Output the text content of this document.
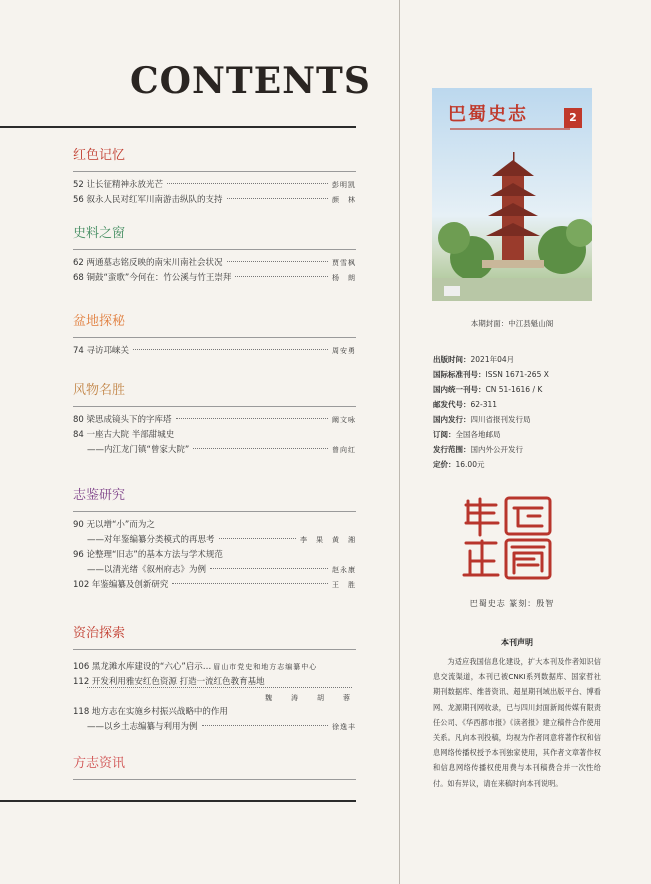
CONTENTS
红色记忆
52 让长征精神永放光芒	彭明凯
56 叙永人民对红军川南游击纵队的支持	颜　林
史料之窗
62 两通墓志铭反映的南宋川南社会状况	贾雪枫
68 铜鼓“蛮歌”今何在：竹公溪与竹王崇拜	杨　朗
盆地探秘
74 寻访邛崃关	周安勇
风物名胜
80 梁思成镜头下的字库塔	阚文咏
84 一座古大院 半部甜城史
——内江龙门镇“曾家大院”	曾向红
志鉴研究
90 无以增“小”而为之
——对年鉴编纂分类模式的再思考	李　果　黄　湘
96 论整理“旧志”的基本方法与学术规范
——以清光绪《叙州府志》为例	赵永康
102 年鉴编纂及创新研究	王　胜
资治探索
106 黑龙滩水库建设的“六心”启示… 眉山市党史和地方志编纂中心
112 开发利用雅安红色资源 打造一流红色教育基地
魏　涛　胡　蓉
118 地方志在实施乡村振兴战略中的作用
——以乡土志编纂与利用为例	徐逸丰
方志资讯
巴蜀史志	2
本期封面：中江县魁山阁
出版时间：2021年04月
国际标准刊号：ISSN 1671-265 X
国内统一刊号：CN 51-1616 / K
邮发代号：62-311
国内发行：四川省报刊发行局
订阅：全国各地邮局
发行范围：国内外公开发行
定价：16.00元
巴蜀史志 篆刻：殷智
本刊声明
为适应我国信息化建设，扩大本刊及作者知识信息交流渠道，本刊已被CNKI系列数据库、国家哲社期刊数据库、维普资讯、超星期刊域出版平台、博看网、龙源期刊网收录，已与四川封面新闻传媒有限责任公司、《华西都市报》《读者报》建立稿件合作使用关系。凡向本刊投稿，均视为作者同意将著作权和信息网络传播权授予本刊独家使用，其作者文章著作权和信息网络传播权使用费与本刊稿费合并一次性给付。如有异议，请在来稿时向本刊说明。
